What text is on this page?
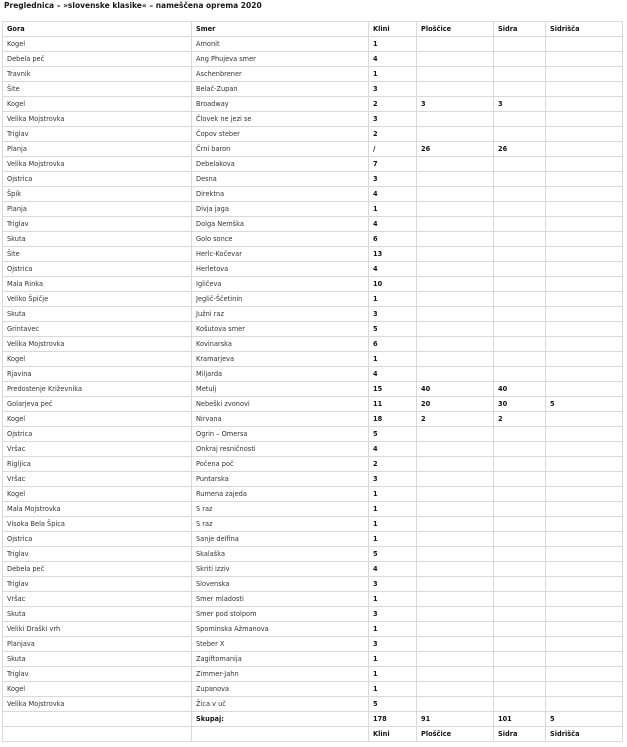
Preglednica – »slovenske klasike« – nameščena oprema 2020
Gora	Smer	Klini	Ploščice	Sidra	Sidrišča
Kogel	Amonit	1			
Debela peč	Ang Phujeva smer	4			
Travnik	Aschenbrener	1			
Šite	Belač-Zupan	3			
Kogel	Broadway	2	3	3	
Velika Mojstrovka	Človek ne jezi se	3			
Triglav	Čopov steber	2			
Planja	Črni baron	/	26	26	
Velika Mojstrovka	Debelakova	7			
Ojstrica	Desna	3			
Špik	Direktna	4			
Planja	Divja jaga	1			
Triglav	Dolga Nemška	4			
Skuta	Golo sonce	6			
Šite	Herlc-Kočevar	13			
Ojstrica	Herletova	4			
Mala Rinka	Igličeva	10			
Veliko Špičje	Jeglič-Ščetinin	1			
Skuta	Južni raz	3			
Grintavec	Košutova smer	5			
Velika Mojstrovka	Kovinarska	6			
Kogel	Kramarjeva	1			
Rjavina	Miljarda	4			
Predostenje Križevnika	Metulj	15	40	40	
Golarjeva peč	Nebeški zvonovi	11	20	30	5
Kogel	Nirvana	18	2	2	
Ojstrica	Ogrin – Omersa	5			
Vršac	Onkraj resničnosti	4			
Rigljica	Počena poč	2			
Vršac	Puntarska	3			
Kogel	Rumena zajeda	1			
Mala Mojstrovka	S raz	1			
Visoka Bela Špica	S raz	1			
Ojstrica	Sanje delfina	1			
Triglav	Skalaška	5			
Debela peč	Skriti izziv	4			
Triglav	Slovenska	3			
Vršac	Smer mladosti	1			
Skuta	Smer pod stolpom	3			
Veliki Draški vrh	Spominska Ažmanova	1			
Planjava	Steber X	3			
Skuta	Zagiftomanija	1			
Triglav	Zimmer-Jahn	1			
Kogel	Zupanova	1			
Velika Mojstrovka	Žica v uč	5			
	Skupaj:	178	91	101	5
		Klini	Ploščice	Sidra	Sidrišča
